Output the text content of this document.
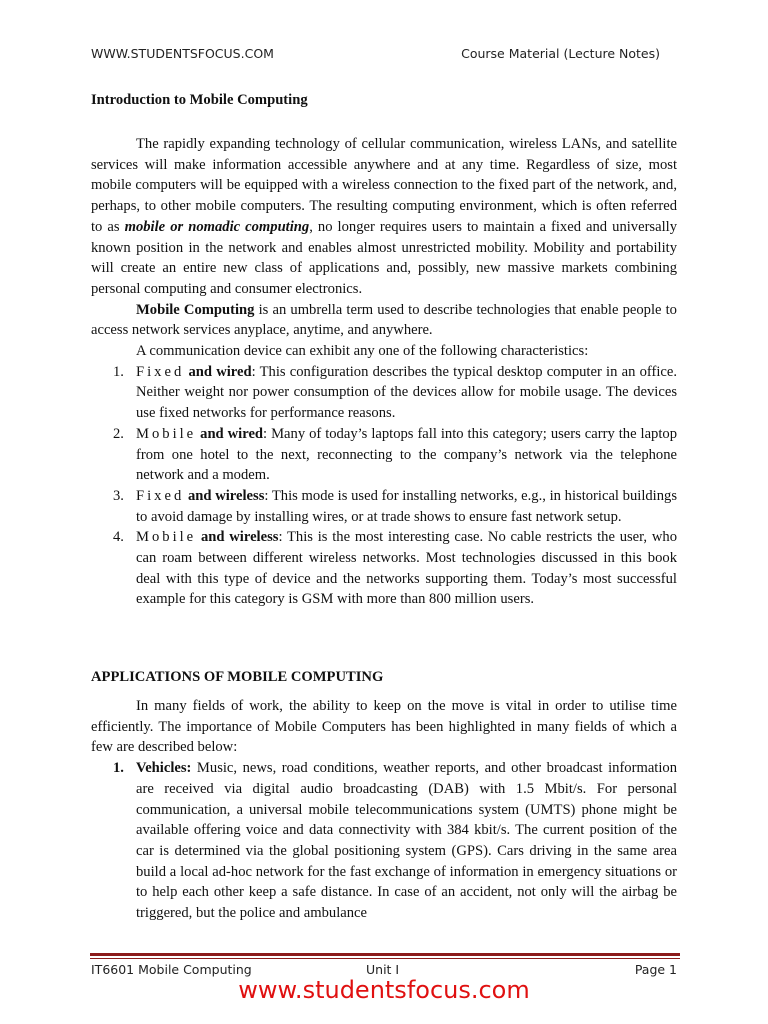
WWW.STUDENTSFOCUS.COM	Course Material (Lecture Notes)
Introduction to Mobile Computing

The rapidly expanding technology of cellular communication, wireless LANs, and satellite services will make information accessible anywhere and at any time. Regardless of size, most mobile computers will be equipped with a wireless connection to the fixed part of the network, and, perhaps, to other mobile computers. The resulting computing environment, which is often referred to as mobile or nomadic computing, no longer requires users to maintain a fixed and universally known position in the network and enables almost unrestricted mobility. Mobility and portability will create an entire new class of applications and, possibly, new massive markets combining personal computing and consumer electronics.

Mobile Computing is an umbrella term used to describe technologies that enable people to access network services anyplace, anytime, and anywhere.

A communication device can exhibit any one of the following characteristics:

1. Fixed and wired: This configuration describes the typical desktop computer in an office. Neither weight nor power consumption of the devices allow for mobile usage. The devices use fixed networks for performance reasons.
2. Mobile and wired: Many of today’s laptops fall into this category; users carry the laptop from one hotel to the next, reconnecting to the company’s network via the telephone network and a modem.
3. Fixed and wireless: This mode is used for installing networks, e.g., in historical buildings to avoid damage by installing wires, or at trade shows to ensure fast network setup.
4. Mobile and wireless: This is the most interesting case. No cable restricts the user, who can roam between different wireless networks. Most technologies discussed in this book deal with this type of device and the networks supporting them. Today’s most successful example for this category is GSM with more than 800 million users.
APPLICATIONS OF MOBILE COMPUTING

In many fields of work, the ability to keep on the move is vital in order to utilise time efficiently. The importance of Mobile Computers has been highlighted in many fields of which a few are described below:

1. Vehicles: Music, news, road conditions, weather reports, and other broadcast information are received via digital audio broadcasting (DAB) with 1.5 Mbit/s. For personal communication, a universal mobile telecommunications system (UMTS) phone might be available offering voice and data connectivity with 384 kbit/s. The current position of the car is determined via the global positioning system (GPS). Cars driving in the same area build a local ad-hoc network for the fast exchange of information in emergency situations or to help each other keep a safe distance. In case of an accident, not only will the airbag be triggered, but the police and ambulance
IT6601 Mobile Computing	Unit I	Page 1
www.studentsfocus.com
